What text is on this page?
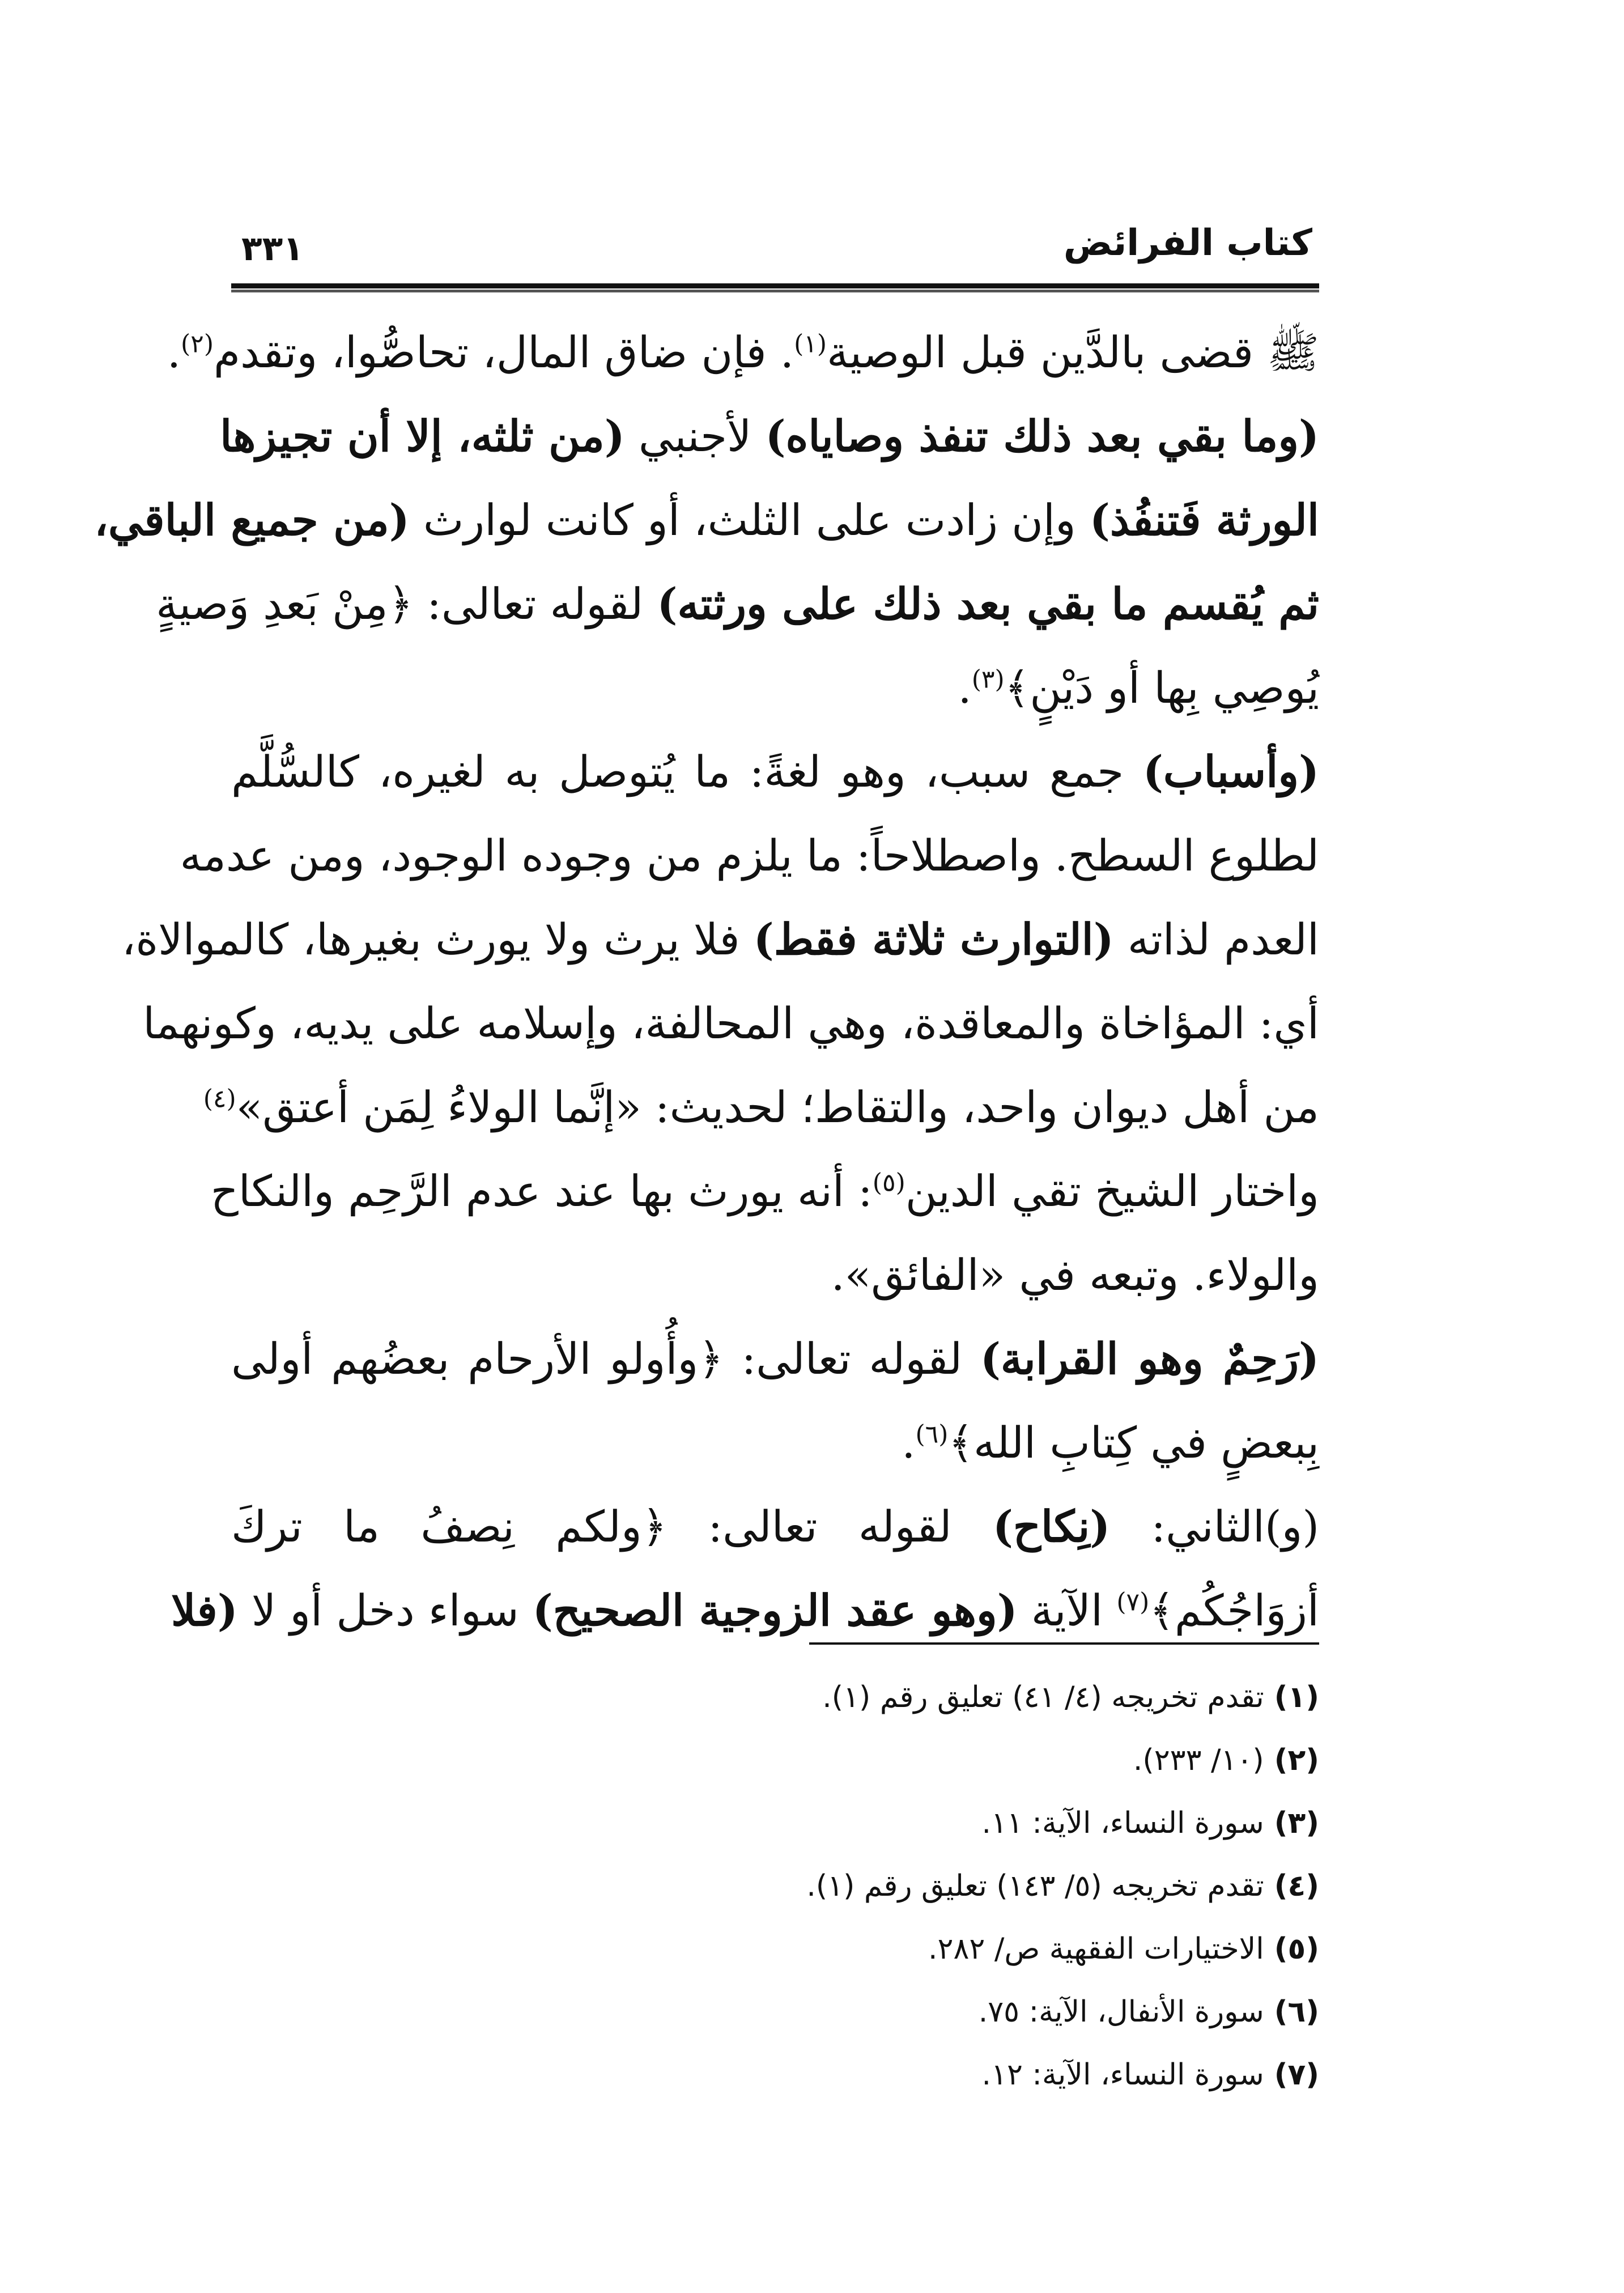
كتاب الفرائض
٣٣١
ﷺ قضى بالدَّين قبل الوصية$^{(١)}$. فإن ضاق المال، تحاصُّوا، وتقدم$^{(٢)}$.
(وما بقي بعد ذلك تنفذ وصاياه) لأجنبي (من ثلثه، إلا أن تجيزها
الورثة فَتنفُذ) وإن زادت على الثلث، أو كانت لوارث (من جميع الباقي،
ثم يُقسم ما بقي بعد ذلك على ورثته) لقوله تعالى: ﴿مِنْ بَعدِ وَصيةٍ
يُوصِي بِها أو دَيْنٍ﴾$^{(٣)}$.
(وأسباب) جمع سبب، وهو لغةً: ما يُتوصل به لغيره، كالسُّلَّم
لطلوع السطح. واصطلاحاً: ما يلزم من وجوده الوجود، ومن عدمه
العدم لذاته (التوارث ثلاثة فقط) فلا يرث ولا يورث بغيرها، كالموالاة،
أي: المؤاخاة والمعاقدة، وهي المحالفة، وإسلامه على يديه، وكونهما
من أهل ديوان واحد، والتقاط؛ لحديث: «إنَّما الولاءُ لِمَن أعتق»$^{(٤)}$
واختار الشيخ تقي الدين$^{(٥)}$: أنه يورث بها عند عدم الرَّحِم والنكاح
والولاء. وتبعه في «الفائق».
(رَحِمٌ وهو القرابة) لقوله تعالى: ﴿وأُولو الأرحام بعضُهم أولى
بِبعضٍ في كِتابِ الله﴾$^{(٦)}$.
(و)الثاني: (نِكاح) لقوله تعالى: ﴿ولكم نِصفُ ما تركَ
أزوَاجُكُم﴾$^{(٧)}$ الآية (وهو عقد الزوجية الصحيح) سواء دخل أو لا (فلا
(١)تقدم تخريجه (٤/ ٤١) تعليق رقم (١).
(٢)(١٠/ ٢٣٣).
(٣)سورة النساء، الآية: ١١.
(٤)تقدم تخريجه (٥/ ١٤٣) تعليق رقم (١).
(٥)الاختيارات الفقهية ص/ ٢٨٢.
(٦)سورة الأنفال، الآية: ٧٥.
(٧)سورة النساء، الآية: ١٢.
